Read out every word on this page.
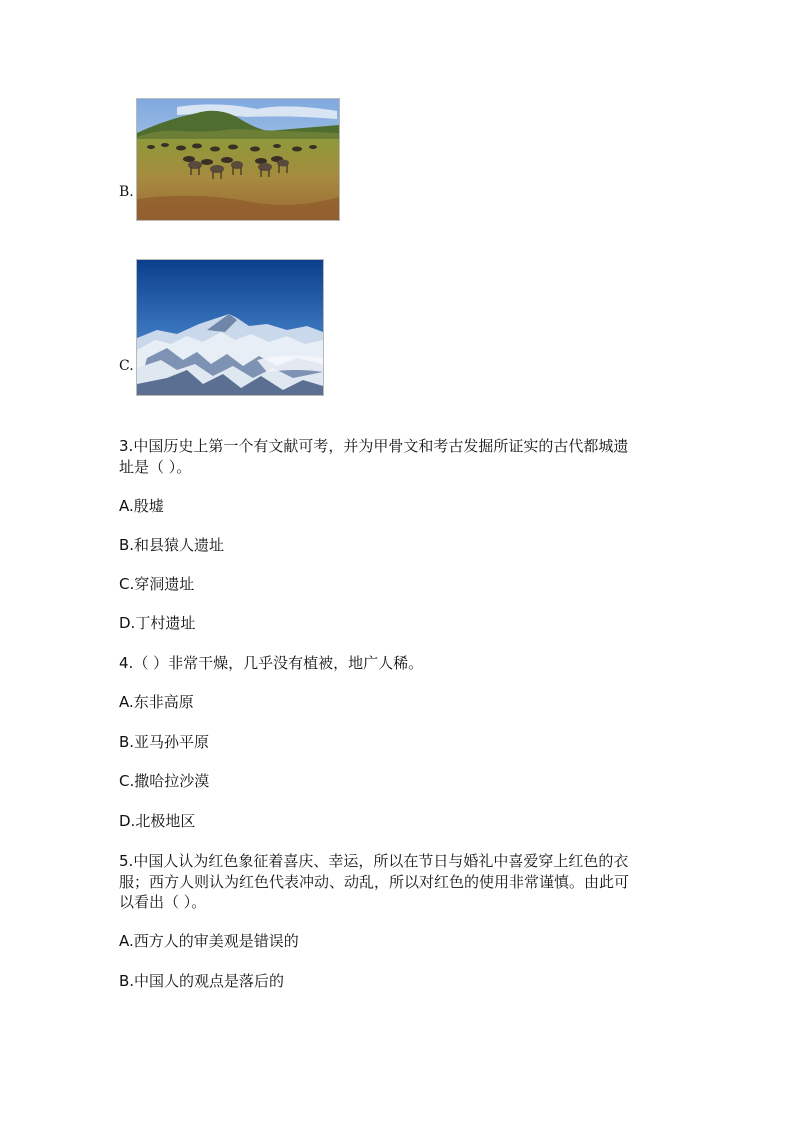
B.
C.
3.中国历史上第一个有文献可考，并为甲骨文和考古发掘所证实的古代都城遗
址是（ ）。
A.殷墟
B.和县猿人遗址
C.穿洞遗址
D.丁村遗址
4.（ ）非常干燥，几乎没有植被，地广人稀。
A.东非高原
B.亚马孙平原
C.撒哈拉沙漠
D.北极地区
5.中国人认为红色象征着喜庆、幸运，所以在节日与婚礼中喜爱穿上红色的衣
服；西方人则认为红色代表冲动、动乱，所以对红色的使用非常谨慎。由此可
以看出（ ）。
A.西方人的审美观是错误的
B.中国人的观点是落后的
